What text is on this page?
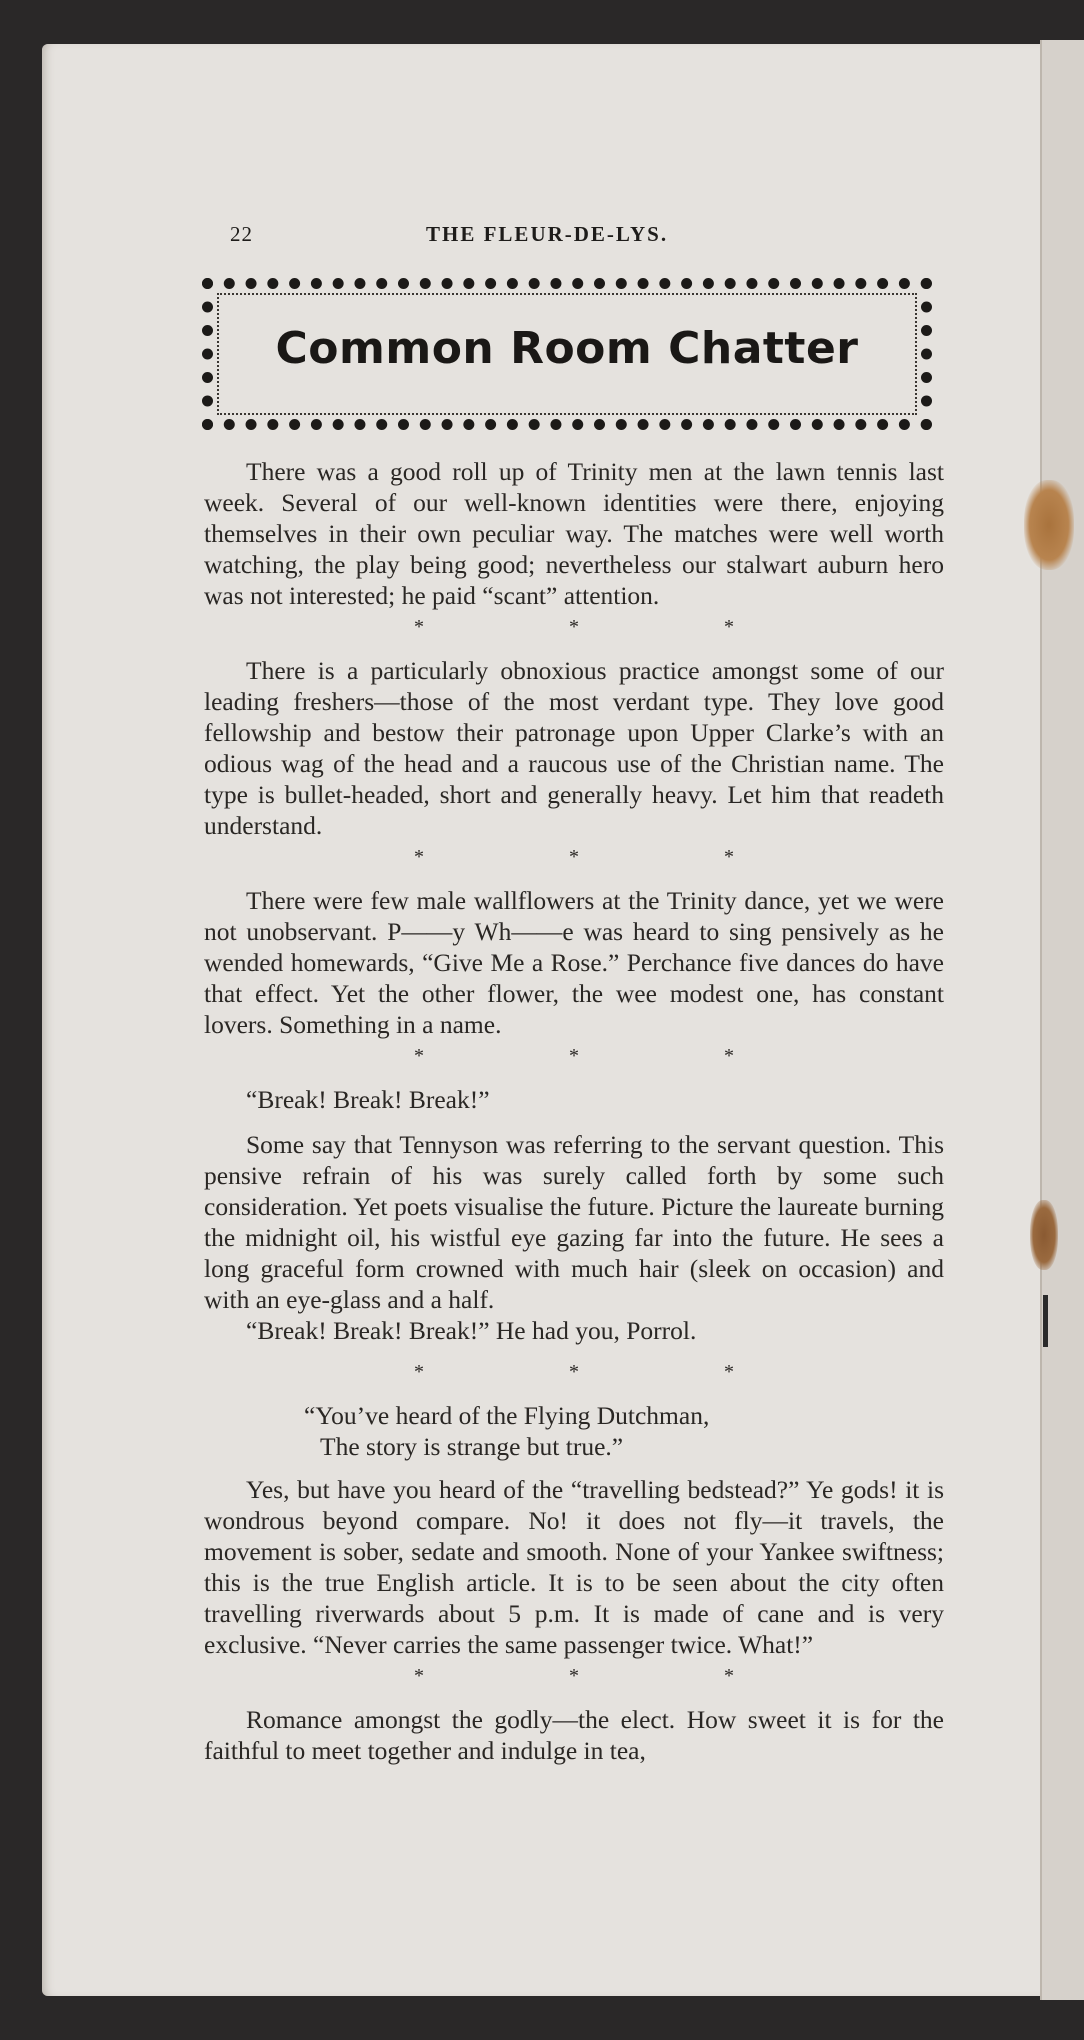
22	THE FLEUR-DE-LYS.
Common Room Chatter

There was a good roll up of Trinity men at the lawn tennis last week. Several of our well-known identities were there, enjoying themselves in their own peculiar way. The matches were well worth watching, the play being good; nevertheless our stalwart auburn hero was not interested; he paid “scant” attention.

* * *

There is a particularly obnoxious practice amongst some of our leading freshers—those of the most verdant type. They love good fellowship and bestow their patronage upon Upper Clarke’s with an odious wag of the head and a raucous use of the Christian name. The type is bullet-headed, short and generally heavy. Let him that readeth understand.

* * *

There were few male wallflowers at the Trinity dance, yet we were not unobservant. P——y Wh——e was heard to sing pensively as he wended homewards, “Give Me a Rose.” Perchance five dances do have that effect. Yet the other flower, the wee modest one, has constant lovers. Something in a name.

* * *

“Break! Break! Break!”

Some say that Tennyson was referring to the servant question. This pensive refrain of his was surely called forth by some such consideration. Yet poets visualise the future. Picture the laureate burning the midnight oil, his wistful eye gazing far into the future. He sees a long graceful form crowned with much hair (sleek on occasion) and with an eye-glass and a half.

“Break! Break! Break!” He had you, Porrol.

* * *
“You’ve heard of the Flying Dutchman,
The story is strange but true.”

Yes, but have you heard of the “travelling bedstead?” Ye gods! it is wondrous beyond compare. No! it does not fly—it travels, the movement is sober, sedate and smooth. None of your Yankee swiftness; this is the true English article. It is to be seen about the city often travelling riverwards about 5 p.m. It is made of cane and is very exclusive. “Never carries the same passenger twice. What!”

* * *

Romance amongst the godly—the elect. How sweet it is for the faithful to meet together and indulge in tea,
